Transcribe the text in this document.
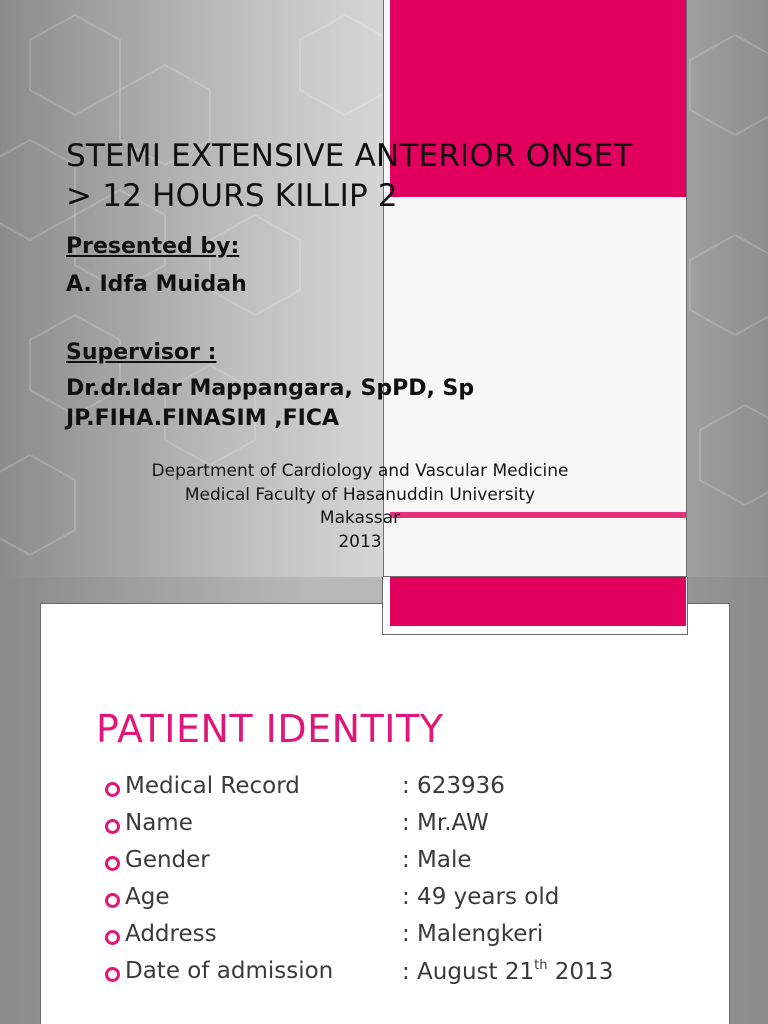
STEMI EXTENSIVE ANTERIOR ONSET
> 12 HOURS KILLIP 2

Presented by:

A. Idfa Muidah

Supervisor :

Dr.dr.Idar Mappangara, SpPD, Sp

JP.FIHA.FINASIM ,FICA

Department of Cardiology and Vascular Medicine
Medical Faculty of Hasanuddin University
Makassar
2013
PATIENT IDENTITY
Medical Record	: 623936
Name	: Mr.AW
Gender	: Male
Age	: 49 years old
Address	: Malengkeri
Date of admission	: August 21th 2013
